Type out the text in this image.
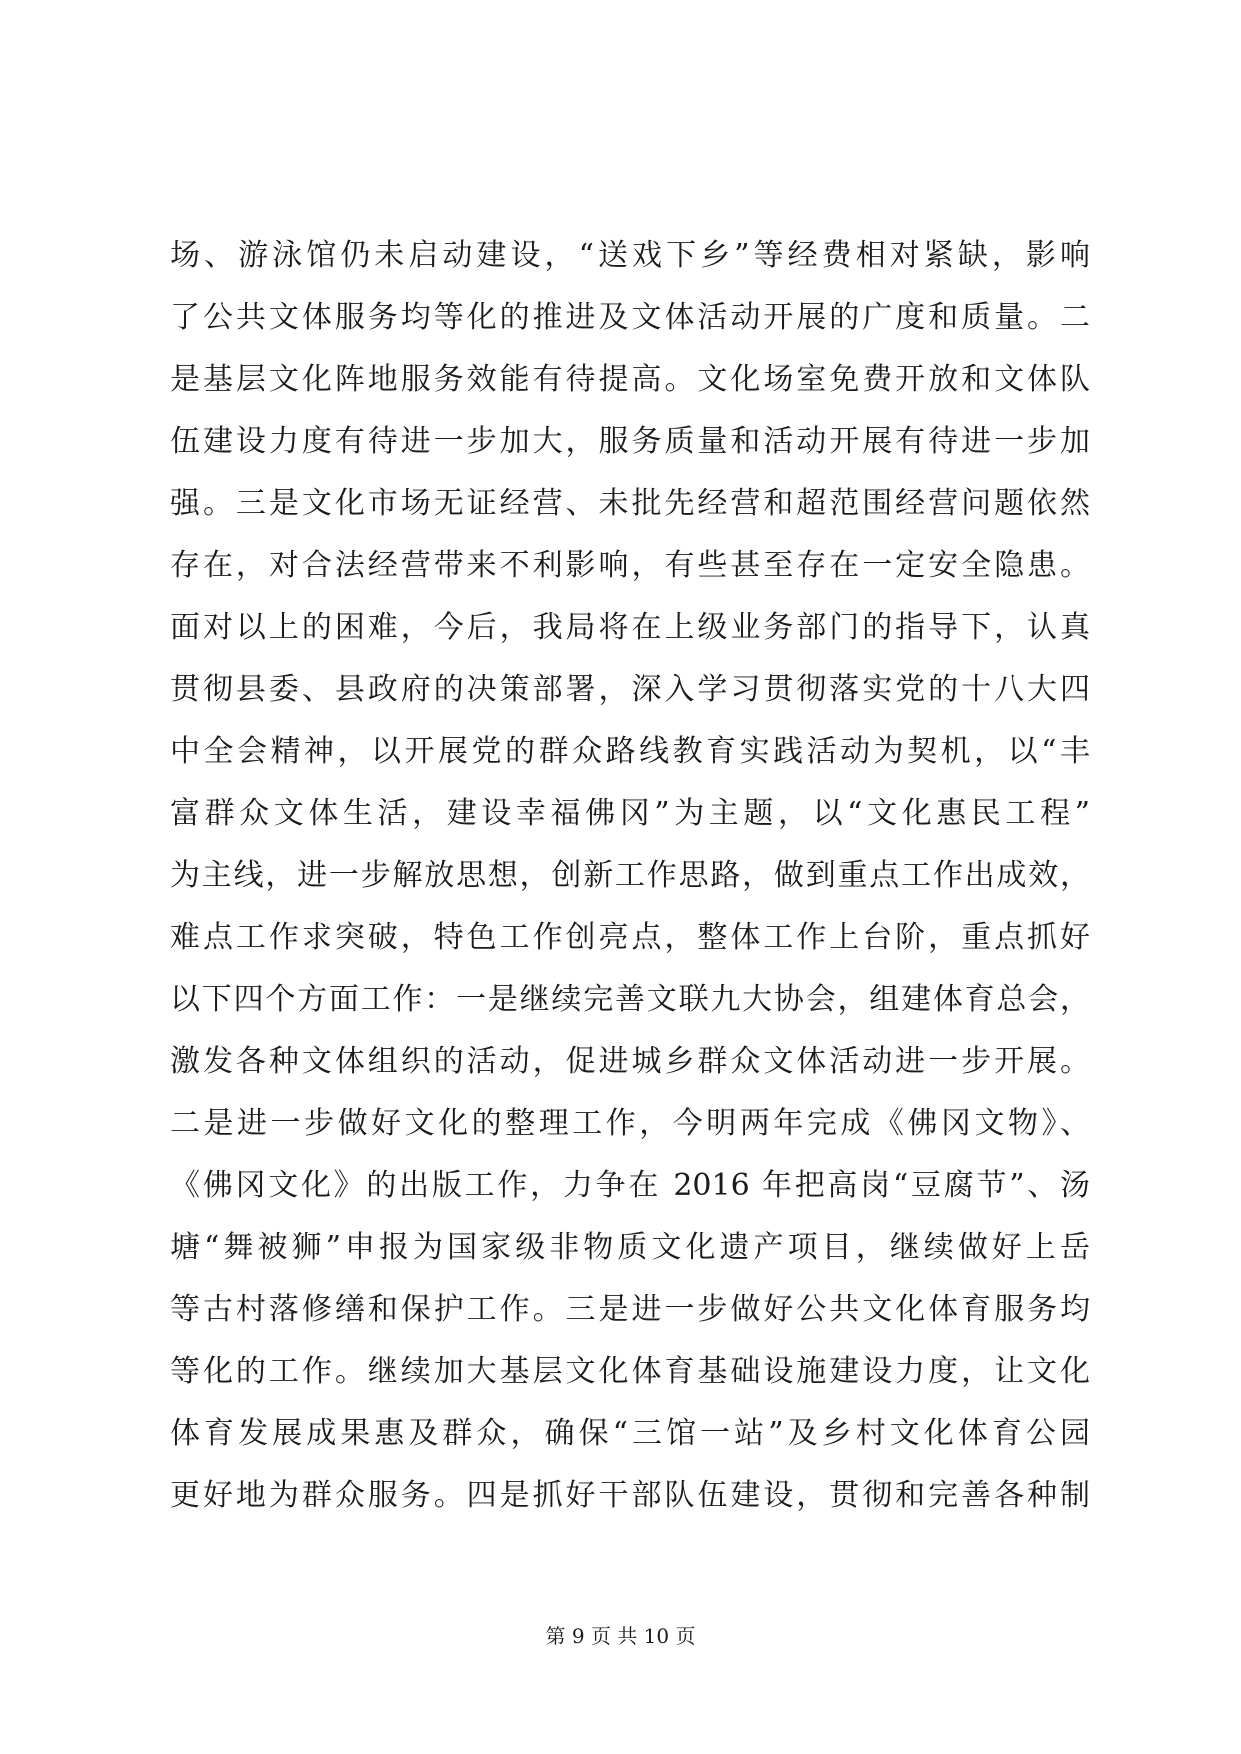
场、游泳馆仍未启动建设，“送戏下乡”等经费相对紧缺，影响
了公共文体服务均等化的推进及文体活动开展的广度和质量。二
是基层文化阵地服务效能有待提高。文化场室免费开放和文体队
伍建设力度有待进一步加大，服务质量和活动开展有待进一步加
强。三是文化市场无证经营、未批先经营和超范围经营问题依然
存在，对合法经营带来不利影响，有些甚至存在一定安全隐患。
面对以上的困难，今后，我局将在上级业务部门的指导下，认真
贯彻县委、县政府的决策部署，深入学习贯彻落实党的十八大四
中全会精神，以开展党的群众路线教育实践活动为契机，以“丰
富群众文体生活，建设幸福佛冈”为主题，以“文化惠民工程”
为主线，进一步解放思想，创新工作思路，做到重点工作出成效，
难点工作求突破，特色工作创亮点，整体工作上台阶，重点抓好
以下四个方面工作：一是继续完善文联九大协会，组建体育总会，
激发各种文体组织的活动，促进城乡群众文体活动进一步开展。
二是进一步做好文化的整理工作，今明两年完成《佛冈文物》、
《佛冈文化》的出版工作，力争在 2016 年把高岗“豆腐节”、汤
塘“舞被狮”申报为国家级非物质文化遗产项目，继续做好上岳
等古村落修缮和保护工作。三是进一步做好公共文化体育服务均
等化的工作。继续加大基层文化体育基础设施建设力度，让文化
体育发展成果惠及群众，确保“三馆一站”及乡村文化体育公园
更好地为群众服务。四是抓好干部队伍建设，贯彻和完善各种制
第 9 页 共 10 页
